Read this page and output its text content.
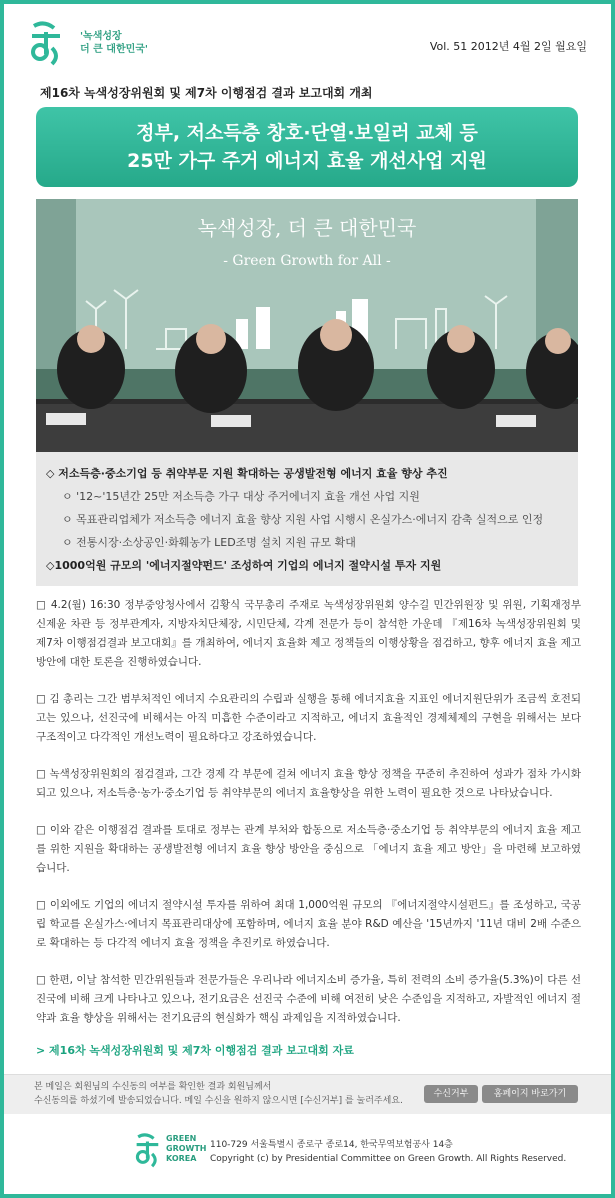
'녹색성장
더 큰 대한민국'	Vol. 51 2012년 4월 2일 월요일
제16차 녹색성장위원회 및 제7차 이행점검 결과 보고대회 개최
정부, 저소득층 창호·단열·보일러 교체 등
25만 가구 주거 에너지 효율 개선사업 지원
녹색성장, 더 큰 대한민국
- Green Growth for All -
◇ 저소득층·중소기업 등 취약부문 지원 확대하는 공생발전형 에너지 효율 향상 추진
ㅇ '12~'15년간 25만 저소득층 가구 대상 주거에너지 효율 개선 사업 지원
ㅇ 목표관리업체가 저소득층 에너지 효율 향상 지원 사업 시행시 온실가스·에너지 감축 실적으로 인정
ㅇ 전통시장·소상공인·화훼농가 LED조명 설치 지원 규모 확대
◇1000억원 규모의 '에너지절약펀드' 조성하여 기업의 에너지 절약시설 투자 지원

□ 4.2(월) 16:30 정부중앙청사에서 김황식 국무총리 주재로 녹색성장위원회 양수길 민간위원장 및 위원, 기획재정부 신제윤 차관 등 정부관계자, 지방자치단체장, 시민단체, 각계 전문가 등이 참석한 가운데 『제16차 녹색성장위원회 및 제7차 이행점검결과 보고대회』를 개최하여, 에너지 효율화 제고 정책들의 이행상황을 점검하고, 향후 에너지 효율 제고방안에 대한 토론을 진행하였습니다.

□ 김 총리는 그간 범부처적인 에너지 수요관리의 수립과 실행을 통해 에너지효율 지표인 에너지원단위가 조금씩 호전되고는 있으나, 선진국에 비해서는 아직 미흡한 수준이라고 지적하고, 에너지 효율적인 경제체제의 구현을 위해서는 보다 구조적이고 다각적인 개선노력이 필요하다고 강조하였습니다.

□ 녹색성장위원회의 점검결과, 그간 경제 각 부문에 걸쳐 에너지 효율 향상 정책을 꾸준히 추진하여 성과가 점차 가시화되고 있으나, 저소득층·농가·중소기업 등 취약부문의 에너지 효율향상을 위한 노력이 필요한 것으로 나타났습니다.

□ 이와 같은 이행점검 결과를 토대로 정부는 관계 부처와 합동으로 저소득층·중소기업 등 취약부문의 에너지 효율 제고를 위한 지원을 확대하는 공생발전형 에너지 효율 향상 방안을 중심으로 「에너지 효율 제고 방안」을 마련해 보고하였습니다.

□ 이외에도 기업의 에너지 절약시설 투자를 위하여 최대 1,000억원 규모의 『에너지절약시설펀드』를 조성하고, 국공립 학교를 온실가스·에너지 목표관리대상에 포함하며, 에너지 효율 분야 R&D 예산을 '15년까지 '11년 대비 2배 수준으로 확대하는 등 다각적 에너지 효율 정책을 추진키로 하였습니다.

□ 한편, 이날 참석한 민간위원들과 전문가들은 우리나라 에너지소비 증가율, 특히 전력의 소비 증가율(5.3%)이 다른 선진국에 비해 크게 나타나고 있으나, 전기요금은 선진국 수준에 비해 여전히 낮은 수준임을 지적하고, 자발적인 에너지 절약과 효율 향상을 위해서는 전기요금의 현실화가 핵심 과제임을 지적하였습니다.

> 제16차 녹색성장위원회 및 제7차 이행점검 결과 보고대회 자료

본 메일은 회원님의 수신동의 여부를 확인한 결과 회원님께서
수신동의를 하셨기에 발송되었습니다. 메일 수신을 원하지 않으시면 [수신거부] 를 눌러주세요.

수신거부	홈페이지 바로가기
GREEN
GROWTH
KOREA
110-729 서울특별시 종로구 종로14, 한국무역보험공사 14층
Copyright (c) by Presidential Committee on Green Growth. All Rights Reserved.
